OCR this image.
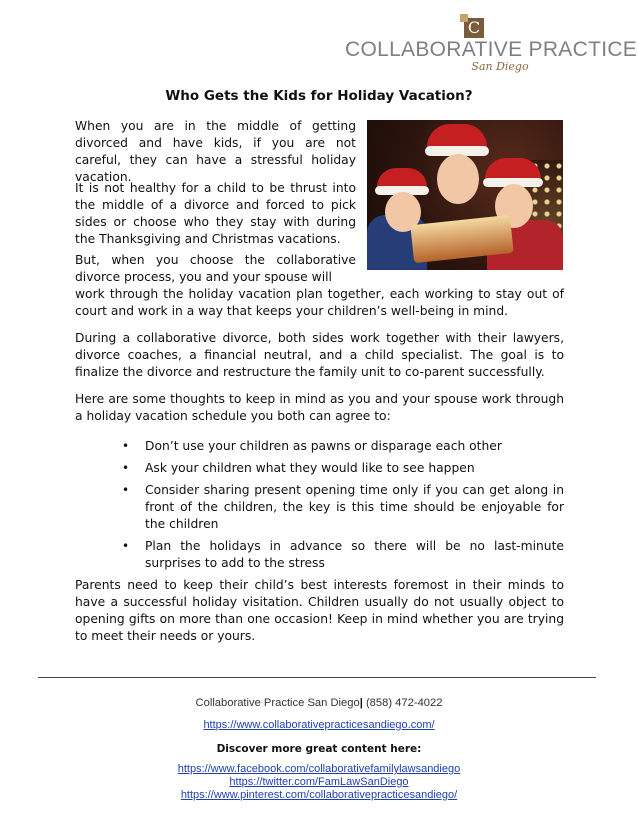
C
COLLABORATIVE PRACTICE
San Diego
Who Gets the Kids for Holiday Vacation?

When you are in the middle of getting divorced and have kids, if you are not careful, they can have a stressful holiday vacation.

It is not healthy for a child to be thrust into the middle of a divorce and forced to pick sides or choose who they stay with during the Thanksgiving and Christmas vacations.

But, when you choose the collaborative divorce process, you and your spouse will

work through the holiday vacation plan together, each working to stay out of court and work in a way that keeps your children’s well-being in mind.

During a collaborative divorce, both sides work together with their lawyers, divorce coaches, a financial neutral, and a child specialist. The goal is to finalize the divorce and restructure the family unit to co-parent successfully.

Here are some thoughts to keep in mind as you and your spouse work through a holiday vacation schedule you both can agree to:

• Don’t use your children as pawns or disparage each other
• Ask your children what they would like to see happen
• Consider sharing present opening time only if you can get along in front of the children, the key is this time should be enjoyable for the children
• Plan the holidays in advance so there will be no last-minute surprises to add to the stress

Parents need to keep their child’s best interests foremost in their minds to have a successful holiday visitation. Children usually do not usually object to opening gifts on more than one occasion! Keep in mind whether you are trying to meet their needs or yours.

Collaborative Practice San Diego| (858) 472-4022
https://www.collaborativepracticesandiego.com/
Discover more great content here:
https://www.facebook.com/collaborativefamilylawsandiego
https://twitter.com/FamLawSanDiego
https://www.pinterest.com/collaborativepracticesandiego/
